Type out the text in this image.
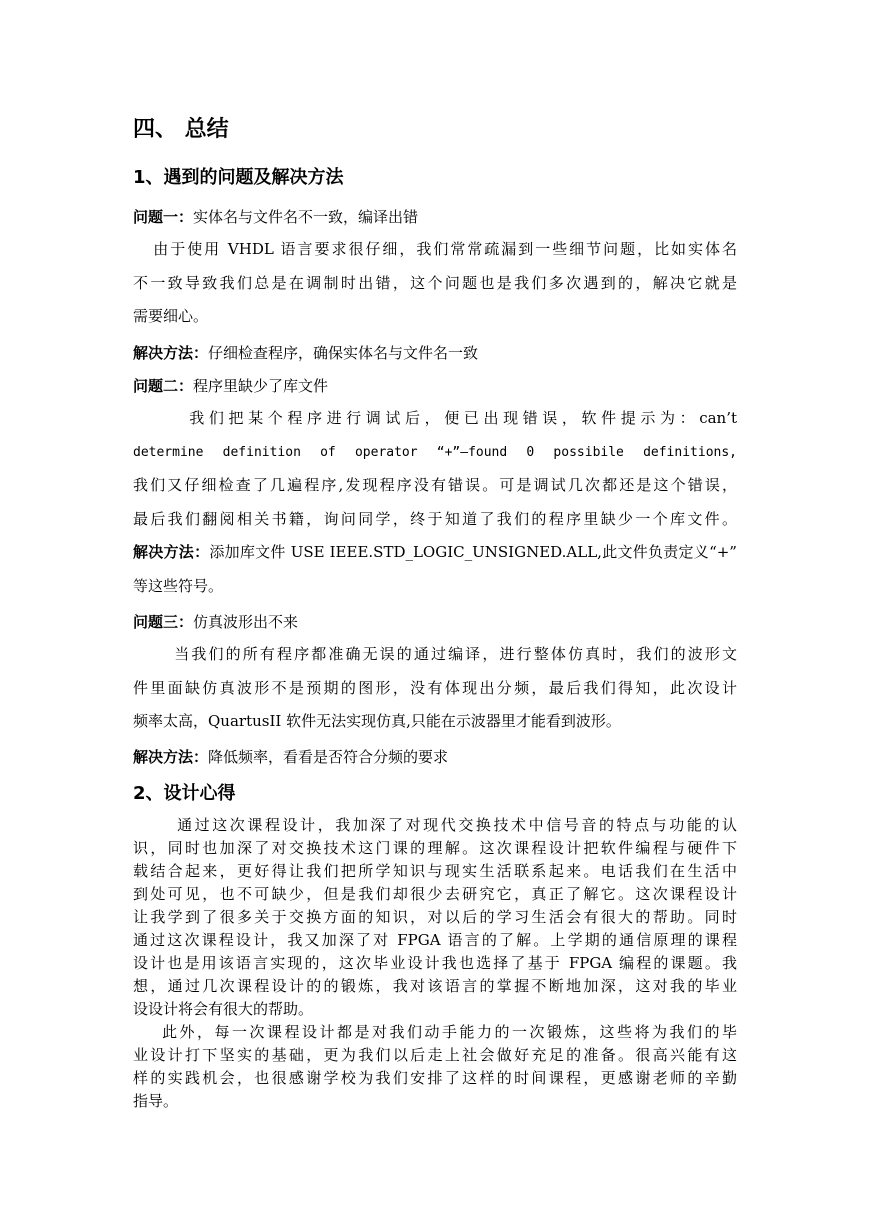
四、 总结
1、遇到的问题及解决方法
问题一：实体名与文件名不一致，编译出错

由于使用 VHDL 语言要求很仔细，我们常常疏漏到一些细节问题，比如实体名

不一致导致我们总是在调制时出错，这个问题也是我们多次遇到的，解决它就是

需要细心。

解决方法：仔细检查程序，确保实体名与文件名一致
问题二：程序里缺少了库文件

我们把某个程序进行调试后，便已出现错误，软件提示为：can’t

determine definition of operator “+”—found 0 possibile definitions,

我们又仔细检查了几遍程序,发现程序没有错误。可是调试几次都还是这个错误，

最后我们翻阅相关书籍，询问同学，终于知道了我们的程序里缺少一个库文件。

解决方法：添加库文件 USE IEEE.STD_LOGIC_UNSIGNED.ALL,此文件负责定义“+”

等这些符号。

问题三：仿真波形出不来

当我们的所有程序都准确无误的通过编译，进行整体仿真时，我们的波形文

件里面缺仿真波形不是预期的图形，没有体现出分频，最后我们得知，此次设计

频率太高，QuartusII 软件无法实现仿真,只能在示波器里才能看到波形。

解决方法：降低频率，看看是否符合分频的要求
2、设计心得

通过这次课程设计，我加深了对现代交换技术中信号音的特点与功能的认

识，同时也加深了对交换技术这门课的理解。这次课程设计把软件编程与硬件下

载结合起来，更好得让我们把所学知识与现实生活联系起来。电话我们在生活中

到处可见，也不可缺少，但是我们却很少去研究它，真正了解它。这次课程设计

让我学到了很多关于交换方面的知识，对以后的学习生活会有很大的帮助。同时

通过这次课程设计，我又加深了对 FPGA 语言的了解。上学期的通信原理的课程

设计也是用该语言实现的，这次毕业设计我也选择了基于 FPGA 编程的课题。我

想，通过几次课程设计的的锻炼，我对该语言的掌握不断地加深，这对我的毕业

设设计将会有很大的帮助。

此外，每一次课程设计都是对我们动手能力的一次锻炼，这些将为我们的毕

业设计打下坚实的基础，更为我们以后走上社会做好充足的准备。很高兴能有这

样的实践机会，也很感谢学校为我们安排了这样的时间课程，更感谢老师的辛勤

指导。
